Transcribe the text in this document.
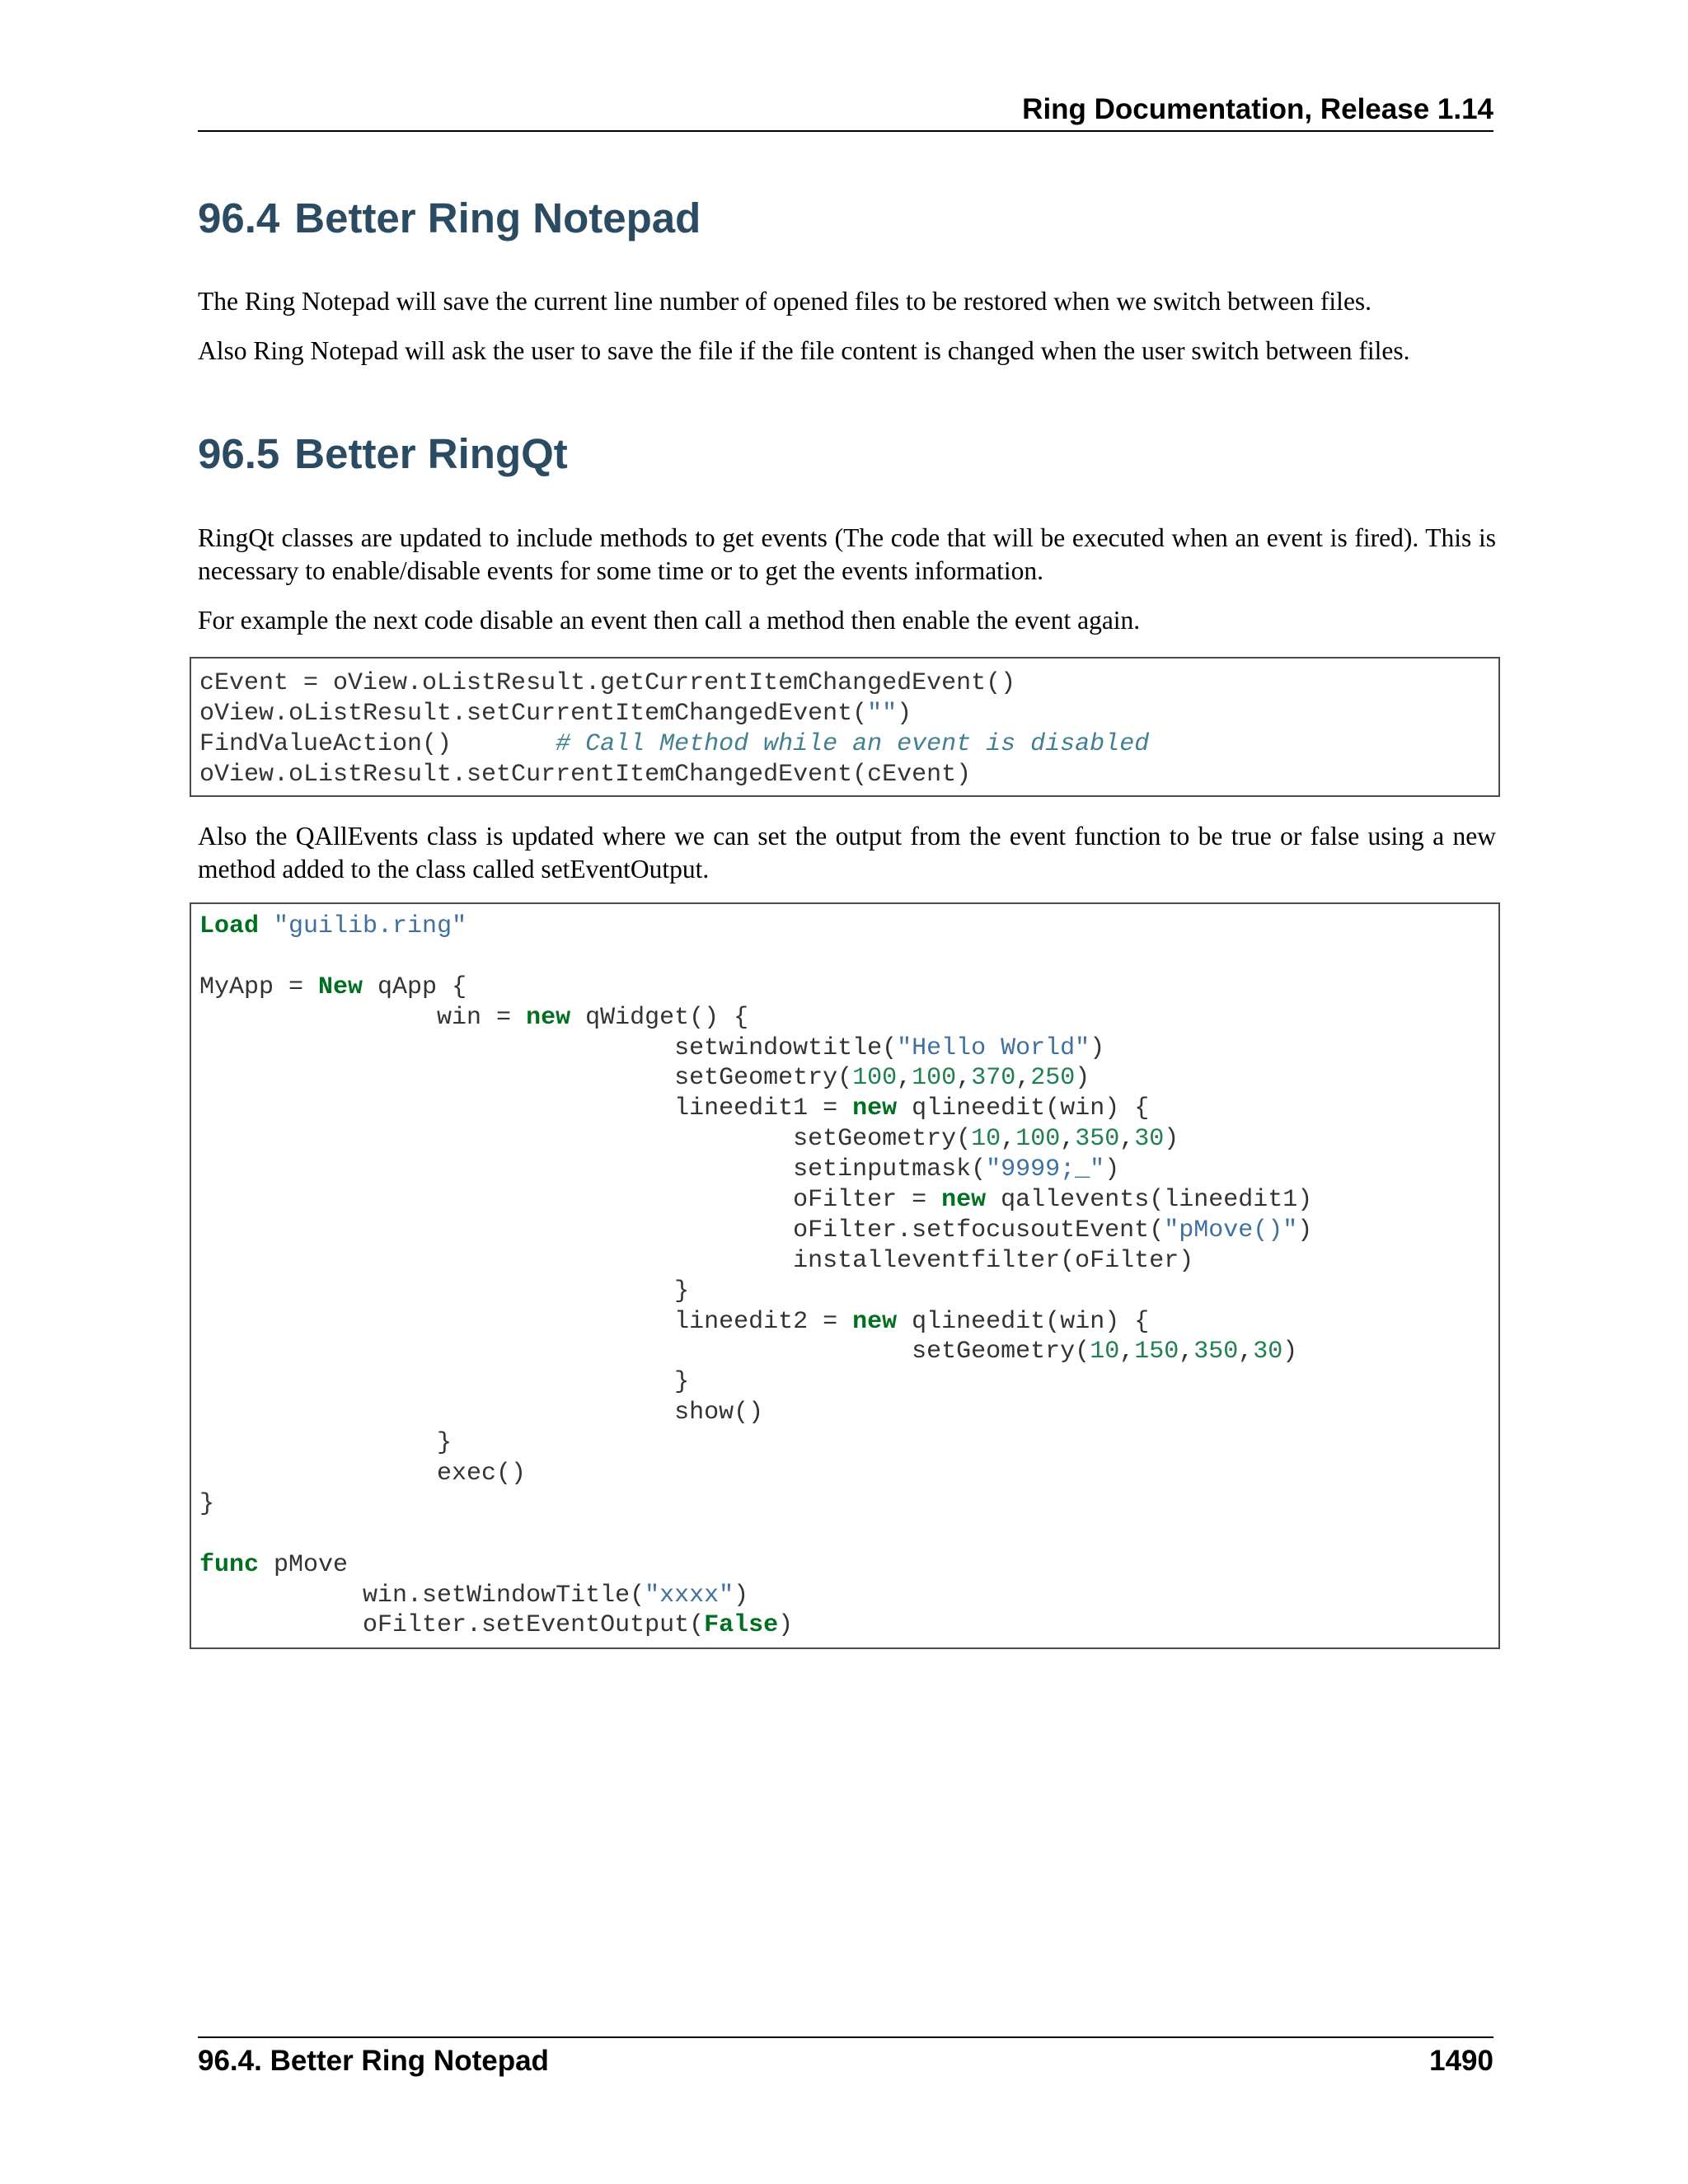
Ring Documentation, Release 1.14
96.4 Better Ring Notepad

The Ring Notepad will save the current line number of opened files to be restored when we switch between files.

Also Ring Notepad will ask the user to save the file if the file content is changed when the user switch between files.

96.5 Better RingQt

RingQt classes are updated to include methods to get events (The code that will be executed when an event is fired). This is necessary to enable/disable events for some time or to get the events information.

For example the next code disable an event then call a method then enable the event again.

cEvent = oView.oListResult.getCurrentItemChangedEvent()
oView.oListResult.setCurrentItemChangedEvent("")
FindValueAction()       # Call Method while an event is disabled
oView.oListResult.setCurrentItemChangedEvent(cEvent)

Also the QAllEvents class is updated where we can set the output from the event function to be true or false using a new method added to the class called setEventOutput.

Load "guilib.ring"
MyApp = New qApp {
win = new qWidget() {
setwindowtitle("Hello World")
setGeometry(100,100,370,250)
lineedit1 = new qlineedit(win) {
setGeometry(10,100,350,30)
setinputmask("9999;_")
oFilter = new qallevents(lineedit1)
oFilter.setfocusoutEvent("pMove()")
installeventfilter(oFilter)
}
lineedit2 = new qlineedit(win) {
setGeometry(10,150,350,30)
}
show()
}
exec()
}
func pMove
win.setWindowTitle("xxxx")
oFilter.setEventOutput(False)
96.4. Better Ring Notepad	1490
